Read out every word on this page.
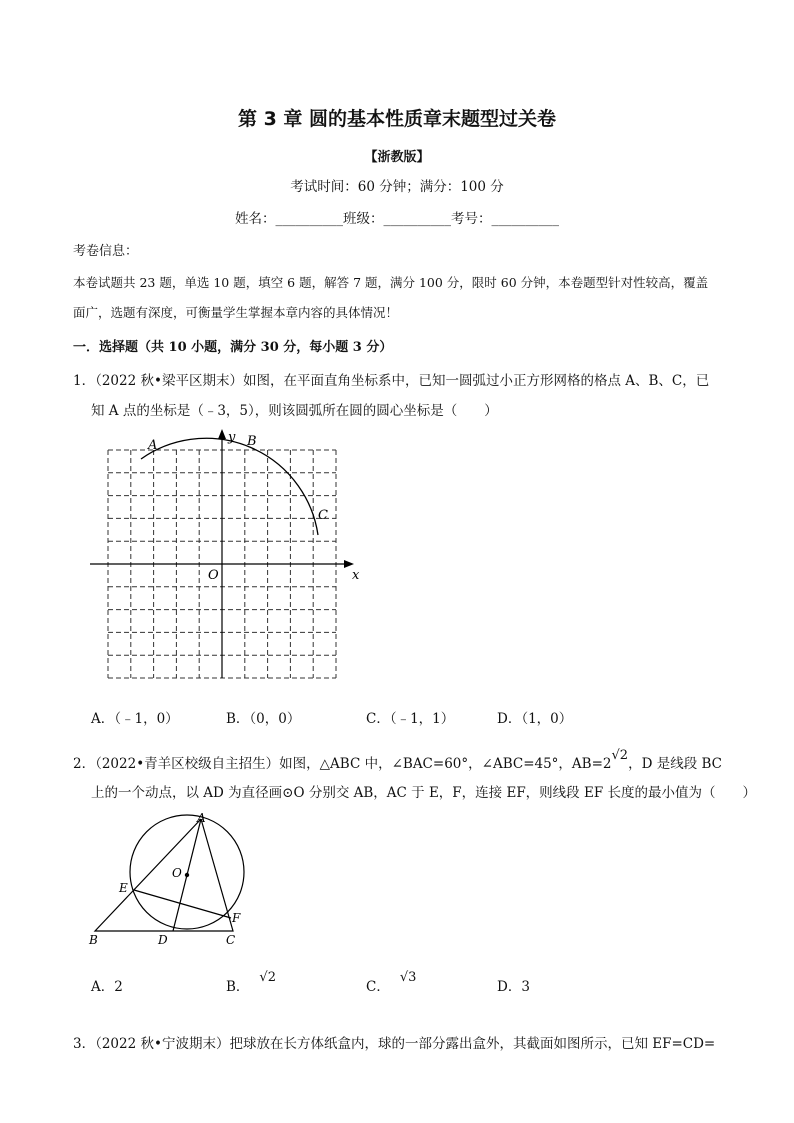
第 3 章 圆的基本性质章末题型过关卷
【浙教版】
考试时间：60 分钟；满分：100 分
姓名：__________班级：__________考号：__________
考卷信息：
本卷试题共 23 题，单选 10 题，填空 6 题，解答 7 题，满分 100 分，限时 60 分钟，本卷题型针对性较高，覆盖
面广，选题有深度，可衡量学生掌握本章内容的具体情况！
一．选择题（共 10 小题，满分 30 分，每小题 3 分）
1．（2022 秋•梁平区期末）如图，在平面直角坐标系中，已知一圆弧过小正方形网格的格点 A、B、C，已
知 A 点的坐标是（﹣3，5），则该圆弧所在圆的圆心坐标是（　　）
A	B
C
O	x
y
A．（﹣1，0）	B．（0，0）	C．（﹣1，1）	D．（1，0）
2．（2022•青羊区校级自主招生）如图，△ABC 中，∠BAC=60°，∠ABC=45°，AB=2√2，D 是线段 BC
上的一个动点，以 AD 为直径画⊙O 分别交 AB，AC 于 E，F，连接 EF，则线段 EF 长度的最小值为（　　）
A
B	C
D
E
F
O
A．2	B．√2
C．√3
D．3
3．（2022 秋•宁波期末）把球放在长方体纸盒内，球的一部分露出盒外，其截面如图所示，已知 EF=CD=
